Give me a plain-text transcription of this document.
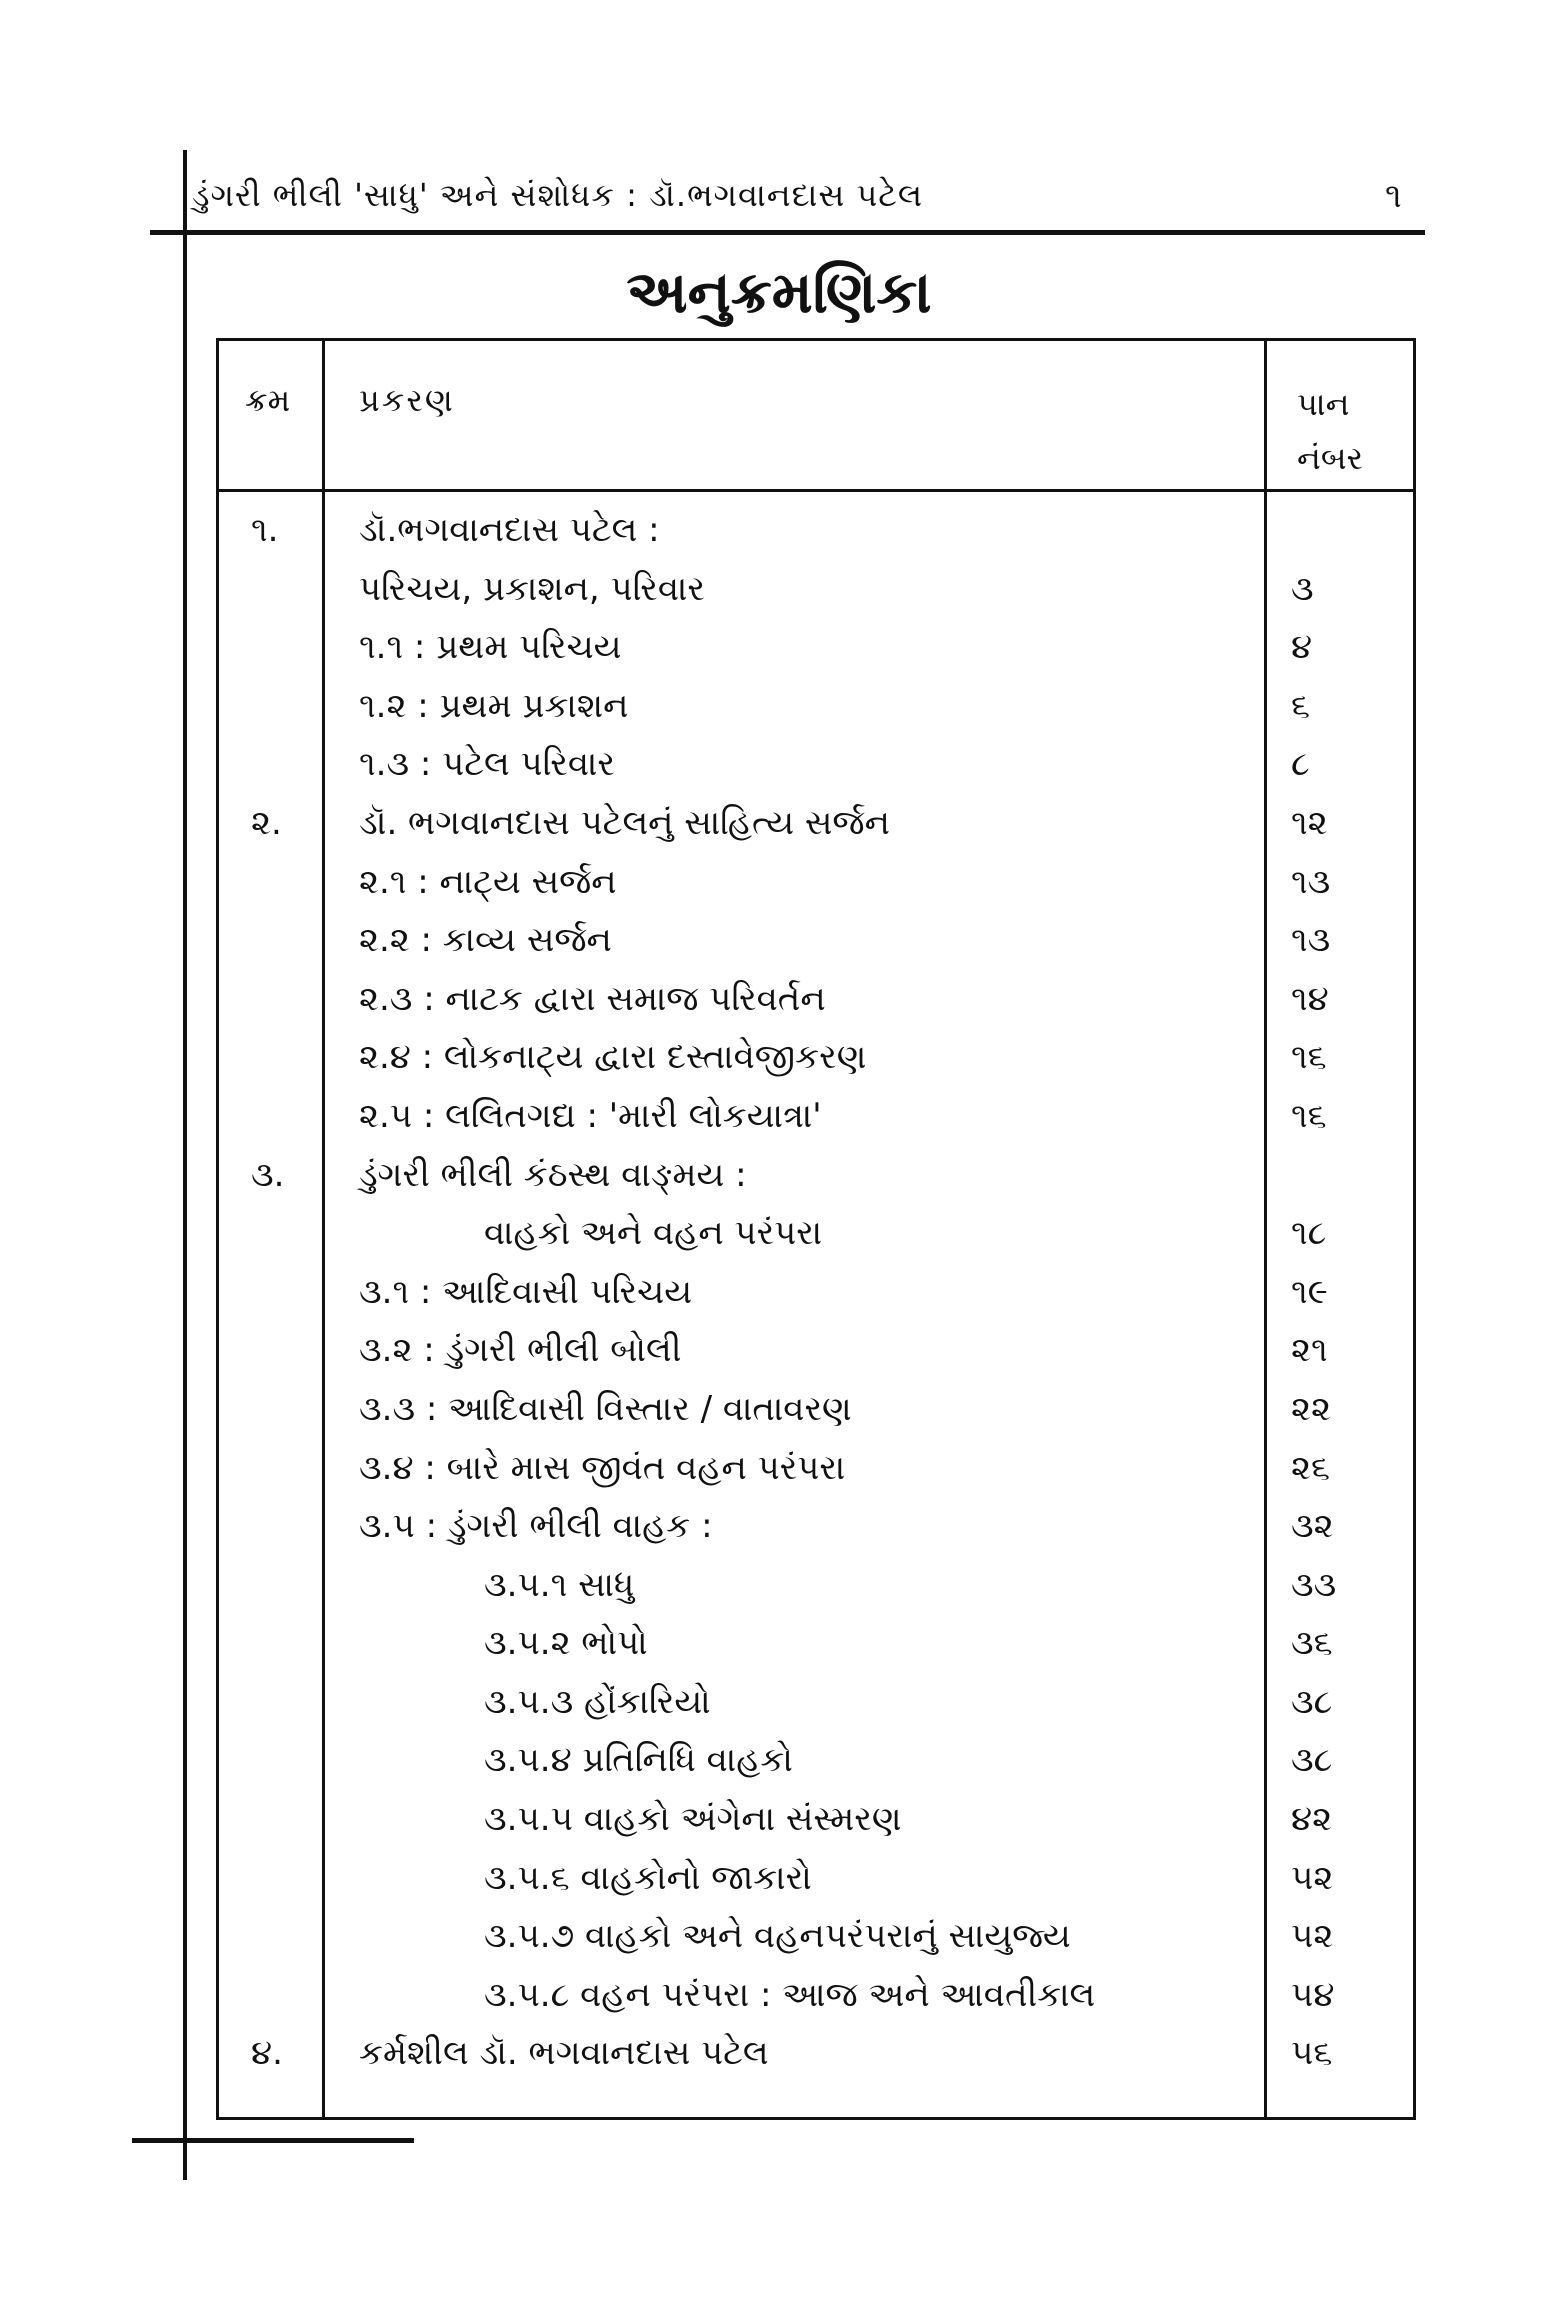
ડુંગરી ભીલી 'સાધુ' અને સંશોધક : ડૉ.ભગવાનદાસ પટેલ	૧
અનુક્રમણિકા
ક્રમ પ્રકરણ	પાન નંબર
૧. ડૉ.ભગવાનદાસ પટેલ :
પરિચય, પ્રકાશન, પરિવાર	૩
૧.૧ : પ્રથમ પરિચય	૪
૧.૨ : પ્રથમ પ્રકાશન	૬
૧.૩ : પટેલ પરિવાર	૮
૨. ડૉ. ભગવાનદાસ પટેલનું સાહિત્ય સર્જન	૧૨
૨.૧ : નાટ્ય સર્જન	૧૩
૨.૨ : કાવ્ય સર્જન	૧૩
૨.૩ : નાટક દ્વારા સમાજ પરિવર્તન	૧૪
૨.૪ : લોકનાટ્ય દ્વારા દસ્તાવેજીકરણ	૧૬
૨.૫ : લલિતગદ્ય : 'મારી લોકયાત્રા'	૧૬
૩. ડુંગરી ભીલી કંઠસ્થ વાઙ્મય :
વાહકો અને વહન પરંપરા	૧૮
૩.૧ : આદિવાસી પરિચય	૧૯
૩.૨ : ડુંગરી ભીલી બોલી	૨૧
૩.૩ : આદિવાસી વિસ્તાર / વાતાવરણ	૨૨
૩.૪ : બારે માસ જીવંત વહન પરંપરા	૨૬
૩.૫ : ડુંગરી ભીલી વાહક :	૩૨
૩.૫.૧ સાધુ	૩૩
૩.૫.૨ ભોપો	૩૬
૩.૫.૩ હોંકારિયો	૩૮
૩.૫.૪ પ્રતિનિધિ વાહકો	૩૮
૩.૫.૫ વાહકો અંગેના સંસ્મરણ	૪૨
૩.૫.૬ વાહકોનો જાકારો	૫૨
૩.૫.૭ વાહકો અને વહનપરંપરાનું સાયુજ્ય	૫૨
૩.૫.૮ વહન પરંપરા : આજ અને આવતીકાલ	૫૪
૪. કર્મશીલ ડૉ. ભગવાનદાસ પટેલ	૫૬
